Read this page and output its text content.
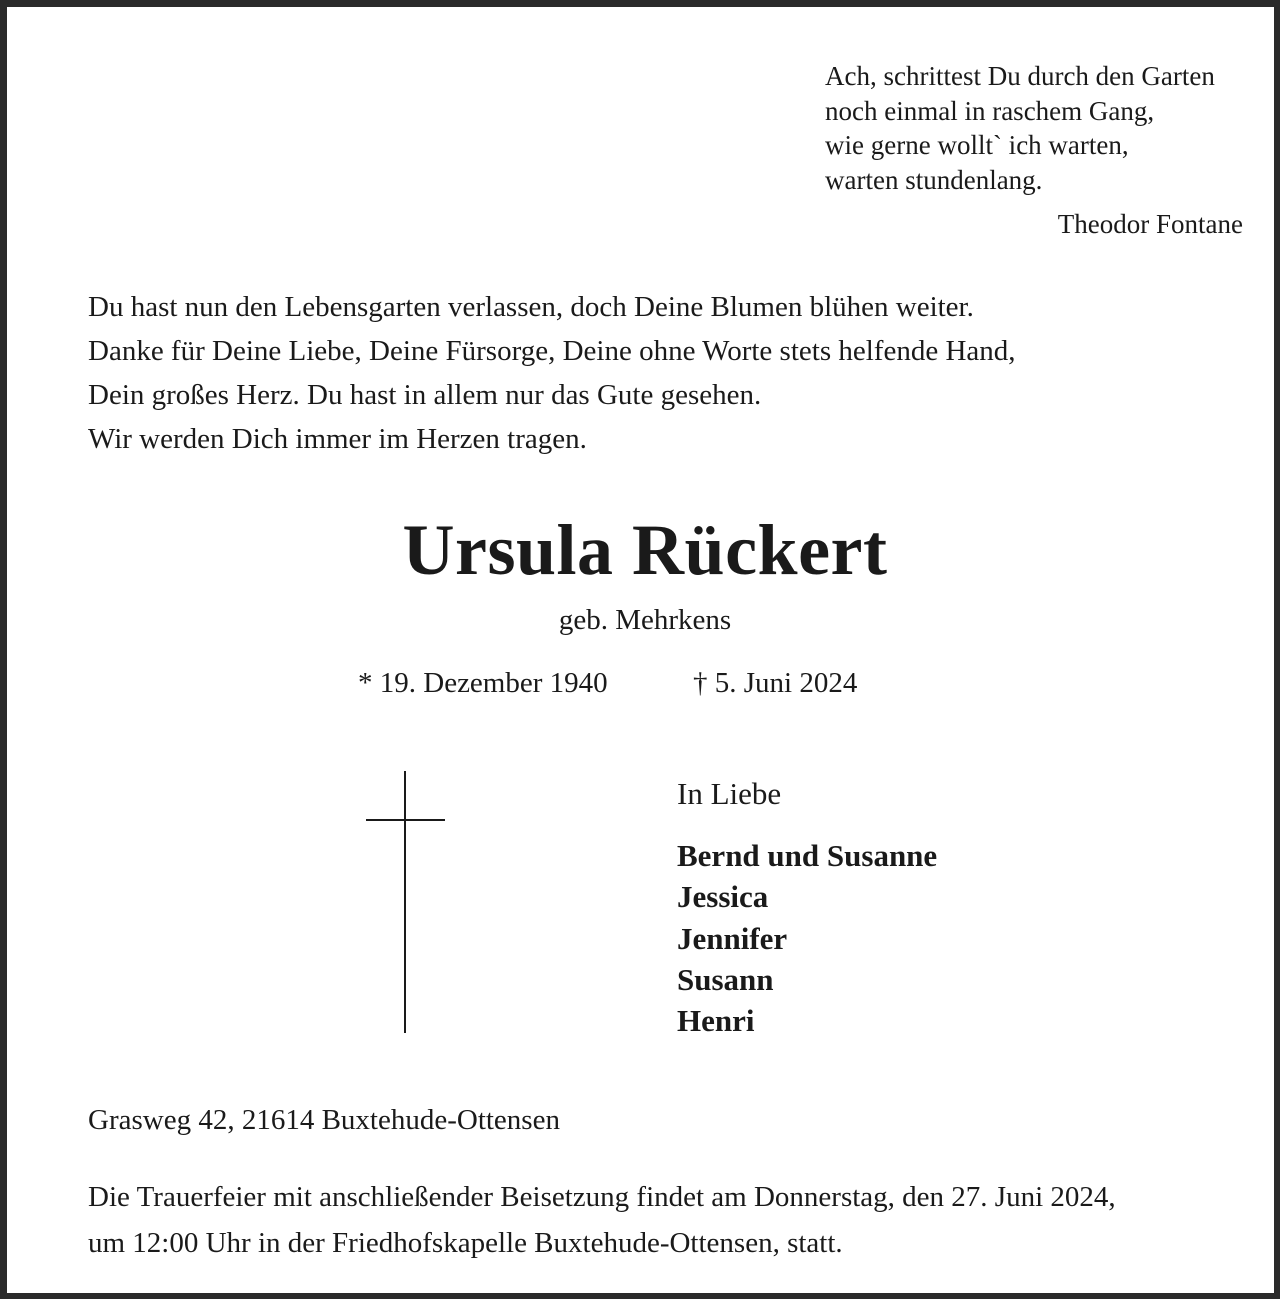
Ach, schrittest Du durch den Garten
noch einmal in raschem Gang,
wie gerne wollt` ich warten,
warten stundenlang.
Theodor Fontane
Du hast nun den Lebensgarten verlassen, doch Deine Blumen blühen weiter.
Danke für Deine Liebe, Deine Fürsorge, Deine ohne Worte stets helfende Hand,
Dein großes Herz. Du hast in allem nur das Gute gesehen.
Wir werden Dich immer im Herzen tragen.
Ursula Rückert
geb. Mehrkens
* 19. Dezember 1940	† 5. Juni 2024
In Liebe
Bernd und Susanne
Jessica
Jennifer
Susann
Henri
Grasweg 42, 21614 Buxtehude-Ottensen
Die Trauerfeier mit anschließender Beisetzung findet am Donnerstag, den 27. Juni 2024,
um 12:00 Uhr in der Friedhofskapelle Buxtehude-Ottensen, statt.
